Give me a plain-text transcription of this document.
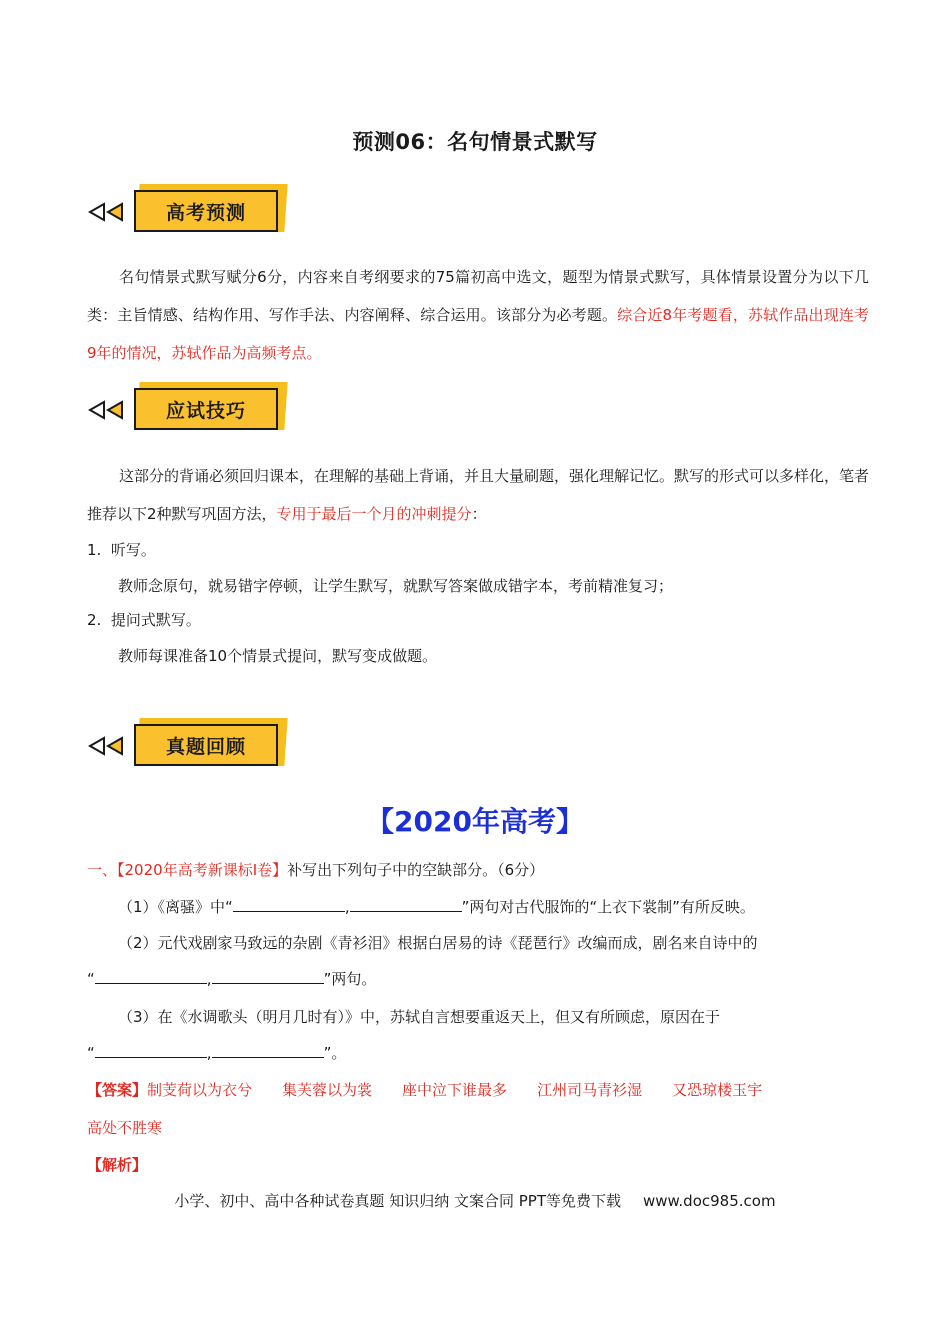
预测06：名句情景式默写
高考预测

名句情景式默写赋分6分，内容来自考纲要求的75篇初高中选文，题型为情景式默写，具体情景设置分为以下几类：主旨情感、结构作用、写作手法、内容阐释、综合运用。该部分为必考题。综合近8年考题看，苏轼作品出现连考9年的情况，苏轼作品为高频考点。

应试技巧

这部分的背诵必须回归课本，在理解的基础上背诵，并且大量刷题，强化理解记忆。默写的形式可以多样化，笔者推荐以下2种默写巩固方法，专用于最后一个月的冲刺提分：

1. 听写。
教师念原句，就易错字停顿，让学生默写，就默写答案做成错字本，考前精准复习；
2. 提问式默写。
教师每课准备10个情景式提问，默写变成做题。
真题回顾
【2020年高考】
一、【2020年高考新课标Ⅰ卷】补写出下列句子中的空缺部分。（6分）
（1）《离骚》中“	,	”两句对古代服饰的“上衣下裳制”有所反映。
（2）元代戏剧家马致远的杂剧《青衫泪》根据白居易的诗《琵琶行》改编而成，剧名来自诗中的
“	,	”两句。
（3）在《水调歌头（明月几时有）》中，苏轼自言想要重返天上，但又有所顾虑，原因在于
“	,	”。
【答案】制芰荷以为衣兮 集芙蓉以为裳 座中泣下谁最多 江州司马青衫湿 又恐琼楼玉宇
高处不胜寒
【解析】
小学、初中、高中各种试卷真题 知识归纳 文案合同 PPT等免费下载 www.doc985.com
